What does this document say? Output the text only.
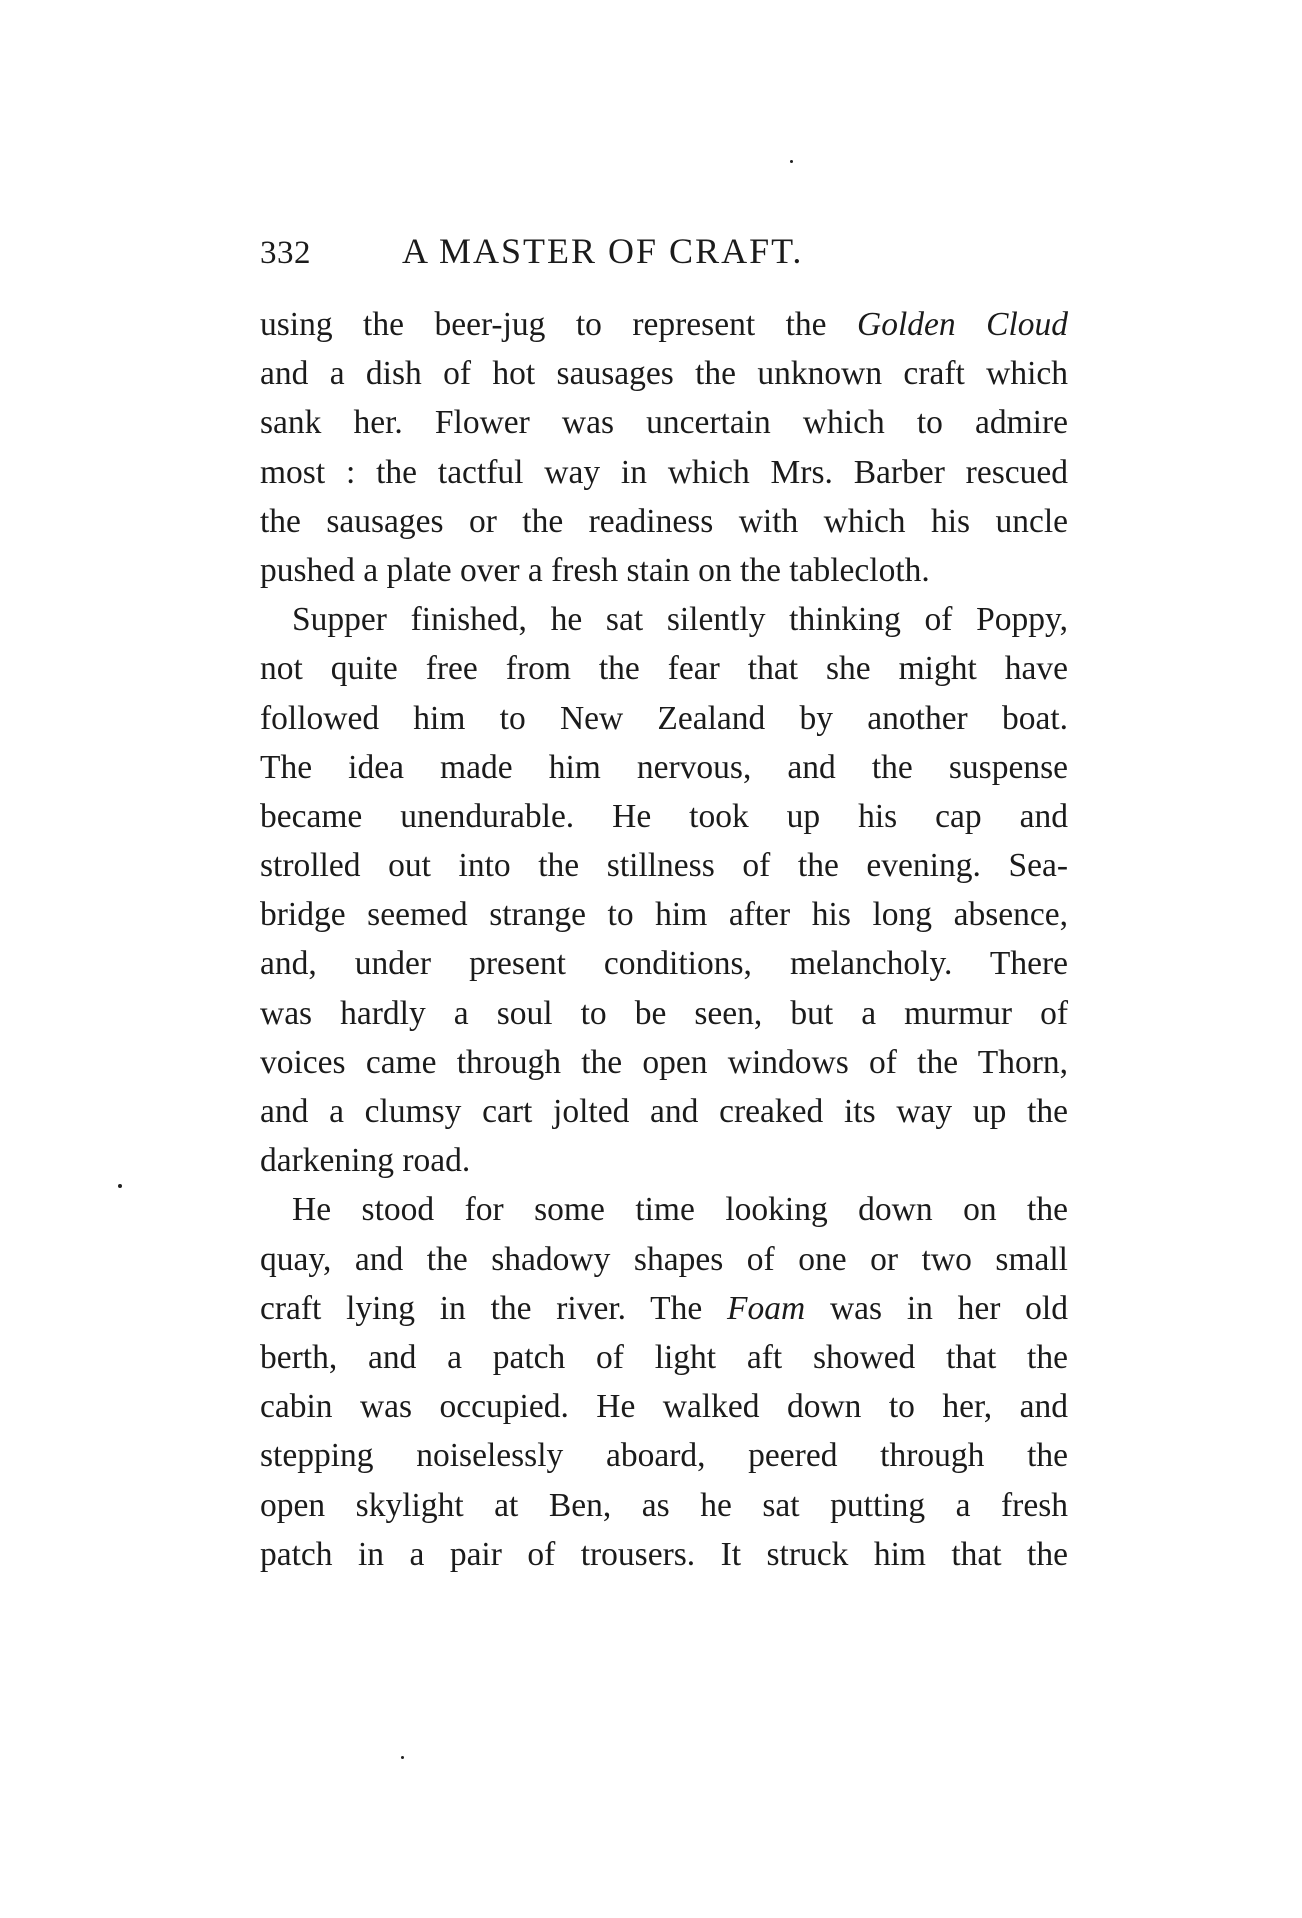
332	A MASTER OF CRAFT.

using the beer-jug to represent the Golden Cloud
and a dish of hot sausages the unknown craft which
sank her. Flower was uncertain which to admire
most : the tactful way in which Mrs. Barber rescued
the sausages or the readiness with which his uncle
pushed a plate over a fresh stain on the tablecloth.

Supper finished, he sat silently thinking of Poppy,
not quite free from the fear that she might have
followed him to New Zealand by another boat.
The idea made him nervous, and the suspense
became unendurable. He took up his cap and
strolled out into the stillness of the evening. Sea-
bridge seemed strange to him after his long absence,
and, under present conditions, melancholy. There
was hardly a soul to be seen, but a murmur of
voices came through the open windows of the Thorn,
and a clumsy cart jolted and creaked its way up the
darkening road.

He stood for some time looking down on the
quay, and the shadowy shapes of one or two small
craft lying in the river. The Foam was in her old
berth, and a patch of light aft showed that the
cabin was occupied. He walked down to her, and
stepping noiselessly aboard, peered through the
open skylight at Ben, as he sat putting a fresh
patch in a pair of trousers. It struck him that the
